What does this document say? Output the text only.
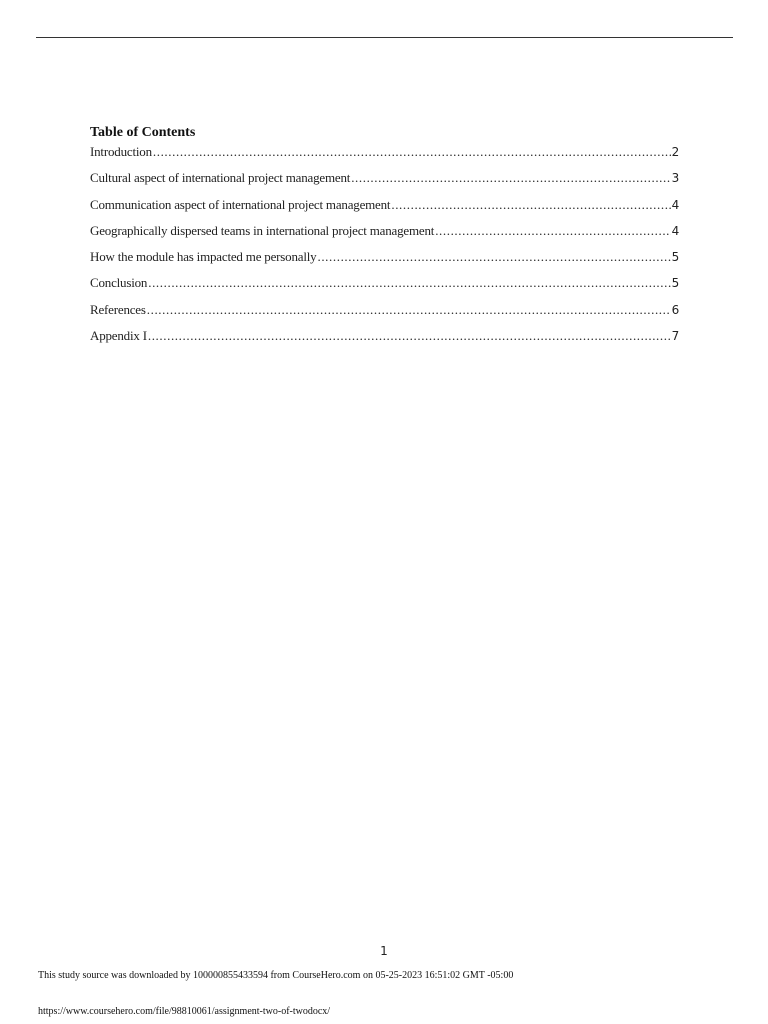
Table of Contents
Introduction .....	2
Cultural aspect of international project management .....	3
Communication aspect of international project management .....	4
Geographically dispersed teams in international project management .....	4
How the module has impacted me personally .....	5
Conclusion .....	5
References .....	6
Appendix I .....	7
1
This study source was downloaded by 100000855433594 from CourseHero.com on 05-25-2023 16:51:02 GMT -05:00
https://www.coursehero.com/file/98810061/assignment-two-of-twodocx/
